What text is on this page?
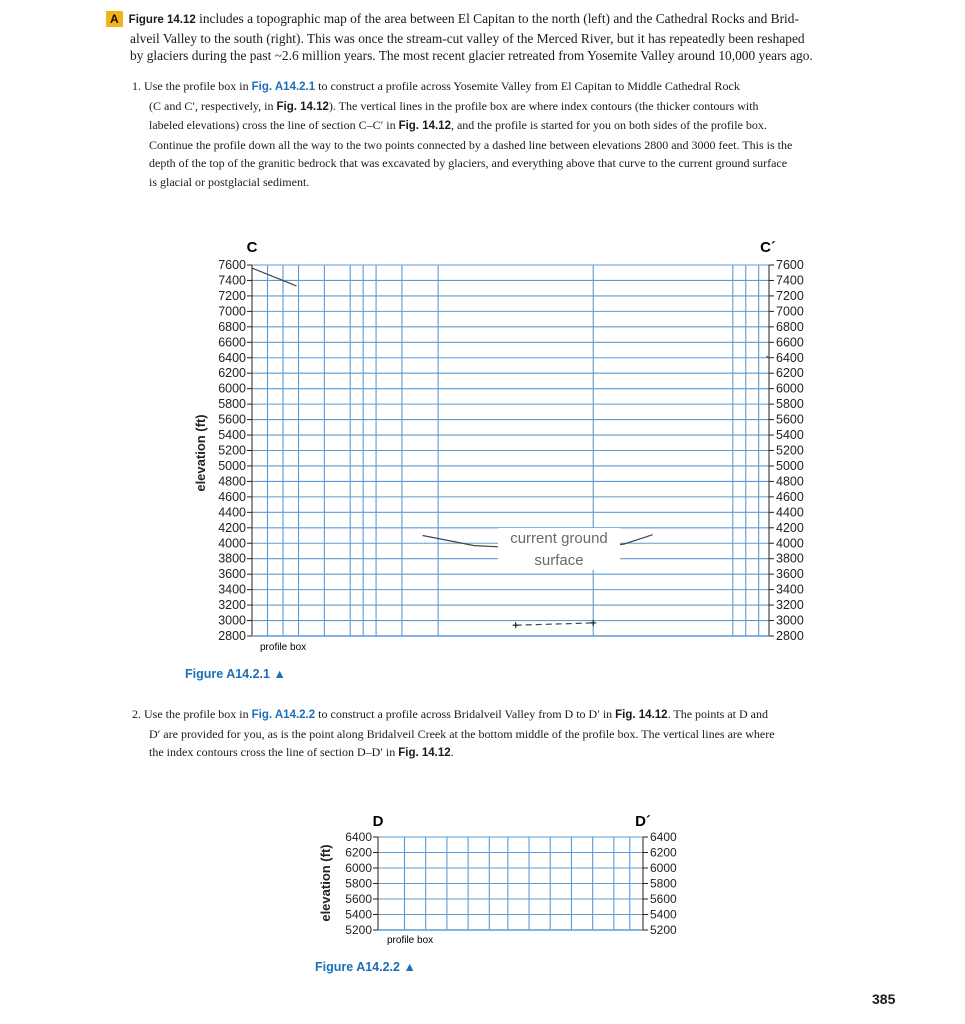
A Figure 14.12 includes a topographic map of the area between El Capitan to the north (left) and the Cathedral Rocks and Brid-
alveil Valley to the south (right). This was once the stream-cut valley of the Merced River, but it has repeatedly been reshaped
by glaciers during the past ~2.6 million years. The most recent glacier retreated from Yosemite Valley around 10,000 years ago.
1. Use the profile box in Fig. A14.2.1 to construct a profile across Yosemite Valley from El Capitan to Middle Cathedral Rock
(C and C′, respectively, in Fig. 14.12). The vertical lines in the profile box are where index contours (the thicker contours with
labeled elevations) cross the line of section C–C′ in Fig. 14.12, and the profile is started for you on both sides of the profile box.
Continue the profile down all the way to the two points connected by a dashed line between elevations 2800 and 3000 feet. This is the
depth of the top of the granitic bedrock that was excavated by glaciers, and everything above that curve to the current ground surface
is glacial or postglacial sediment.
7600
7400
7200
7000
6800
6600
6400
6200
6000
5800
5600
5400
5200
5000
4800
4600
4400
4200
4000
3800
3600
3400
3200
3000
2800
7600
7400
7200
7000
6800
6600
6400
6200
6000
5800
5600
5400
5200
5000
4800
4600
4400
4200
4000
3800
3600
3400
3200
3000
2800
C	C´
elevation (ft)
profile box
current ground
surface
Figure A14.2.1 ▲
2. Use the profile box in Fig. A14.2.2 to construct a profile across Bridalveil Valley from D to D′ in Fig. 14.12. The points at D and
D′ are provided for you, as is the point along Bridalveil Creek at the bottom middle of the profile box. The vertical lines are where
the index contours cross the line of section D–D′ in Fig. 14.12.
6400
6200
6000
5800
5600
5400
5200
6400
6200
6000
5800
5600
5400
5200
D	D´
elevation (ft)
profile box
Figure A14.2.2 ▲
385
